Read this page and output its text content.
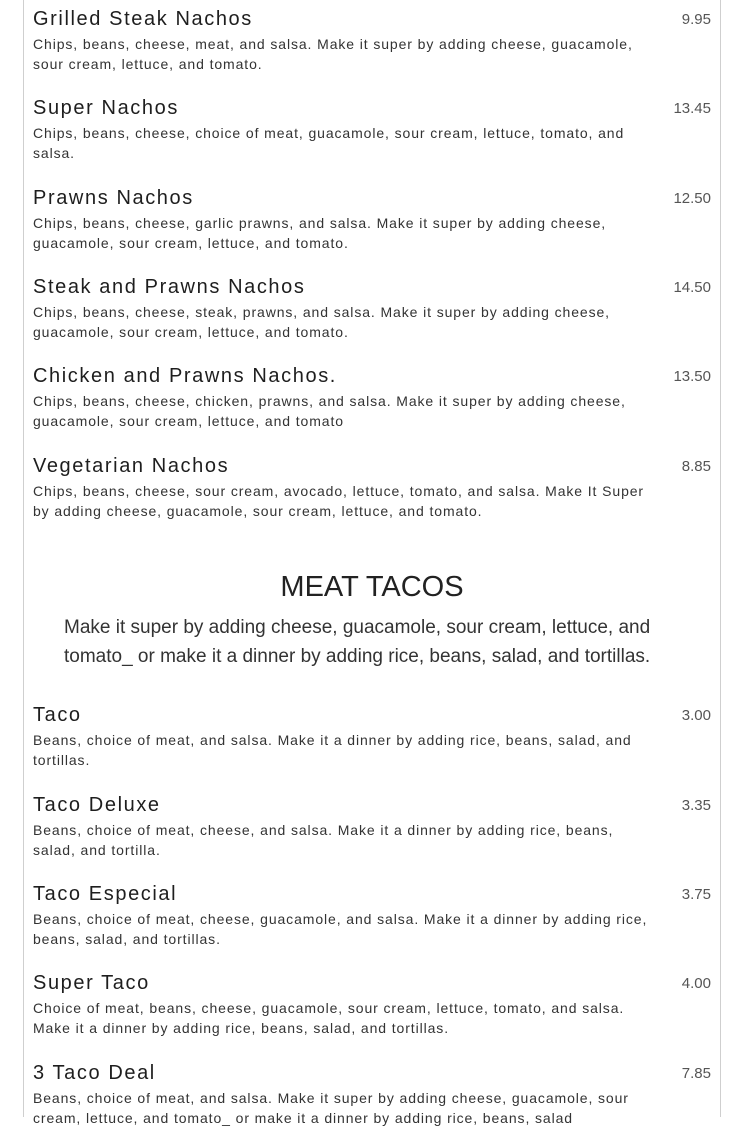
Grilled Steak Nachos	9.95
Chips, beans, cheese, meat, and salsa. Make it super by adding cheese, guacamole, sour cream, lettuce, and tomato.
Super Nachos	13.45
Chips, beans, cheese, choice of meat, guacamole, sour cream, lettuce, tomato, and salsa.
Prawns Nachos	12.50
Chips, beans, cheese, garlic prawns, and salsa. Make it super by adding cheese, guacamole, sour cream, lettuce, and tomato.
Steak and Prawns Nachos	14.50
Chips, beans, cheese, steak, prawns, and salsa. Make it super by adding cheese, guacamole, sour cream, lettuce, and tomato.
Chicken and Prawns Nachos.	13.50
Chips, beans, cheese, chicken, prawns, and salsa. Make it super by adding cheese, guacamole, sour cream, lettuce, and tomato
Vegetarian Nachos	8.85
Chips, beans, cheese, sour cream, avocado, lettuce, tomato, and salsa. Make It Super by adding cheese, guacamole, sour cream, lettuce, and tomato.
MEAT TACOS
Make it super by adding cheese, guacamole, sour cream, lettuce, and tomato_ or make it a dinner by adding rice, beans, salad, and tortillas.
Taco	3.00
Beans, choice of meat, and salsa. Make it a dinner by adding rice, beans, salad, and tortillas.
Taco Deluxe	3.35
Beans, choice of meat, cheese, and salsa. Make it a dinner by adding rice, beans, salad, and tortilla.
Taco Especial	3.75
Beans, choice of meat, cheese, guacamole, and salsa. Make it a dinner by adding rice, beans, salad, and tortillas.
Super Taco	4.00
Choice of meat, beans, cheese, guacamole, sour cream, lettuce, tomato, and salsa. Make it a dinner by adding rice, beans, salad, and tortillas.
3 Taco Deal	7.85
Beans, choice of meat, and salsa. Make it super by adding cheese, guacamole, sour cream, lettuce, and tomato_ or make it a dinner by adding rice, beans, salad
